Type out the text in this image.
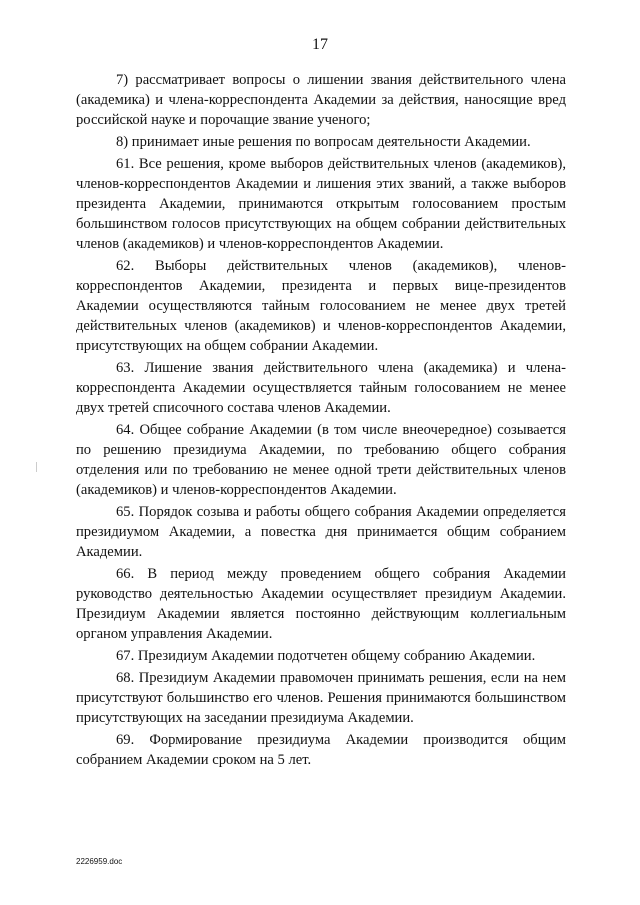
17

7) рассматривает вопросы о лишении звания действительного члена (академика) и члена-корреспондента Академии за действия, наносящие вред российской науке и порочащие звание ученого;

8) принимает иные решения по вопросам деятельности Академии.

61. Все решения, кроме выборов действительных членов (академиков), членов-корреспондентов Академии и лишения этих званий, а также выборов президента Академии, принимаются открытым голосованием простым большинством голосов присутствующих на общем собрании действительных членов (академиков) и членов-корреспондентов Академии.

62. Выборы действительных членов (академиков), членов-корреспондентов Академии, президента и первых вице-президентов Академии осуществляются тайным голосованием не менее двух третей действительных членов (академиков) и членов-корреспондентов Академии, присутствующих на общем собрании Академии.

63. Лишение звания действительного члена (академика) и члена-корреспондента Академии осуществляется тайным голосованием не менее двух третей списочного состава членов Академии.

64. Общее собрание Академии (в том числе внеочередное) созывается по решению президиума Академии, по требованию общего собрания отделения или по требованию не менее одной трети действительных членов (академиков) и членов-корреспондентов Академии.

65. Порядок созыва и работы общего собрания Академии определяется президиумом Академии, а повестка дня принимается общим собранием Академии.

66. В период между проведением общего собрания Академии руководство деятельностью Академии осуществляет президиум Академии. Президиум Академии является постоянно действующим коллегиальным органом управления Академии.

67. Президиум Академии подотчетен общему собранию Академии.

68. Президиум Академии правомочен принимать решения, если на нем присутствуют большинство его членов. Решения принимаются большинством присутствующих на заседании президиума Академии.

69. Формирование президиума Академии производится общим собранием Академии сроком на 5 лет.

2226959.doc
